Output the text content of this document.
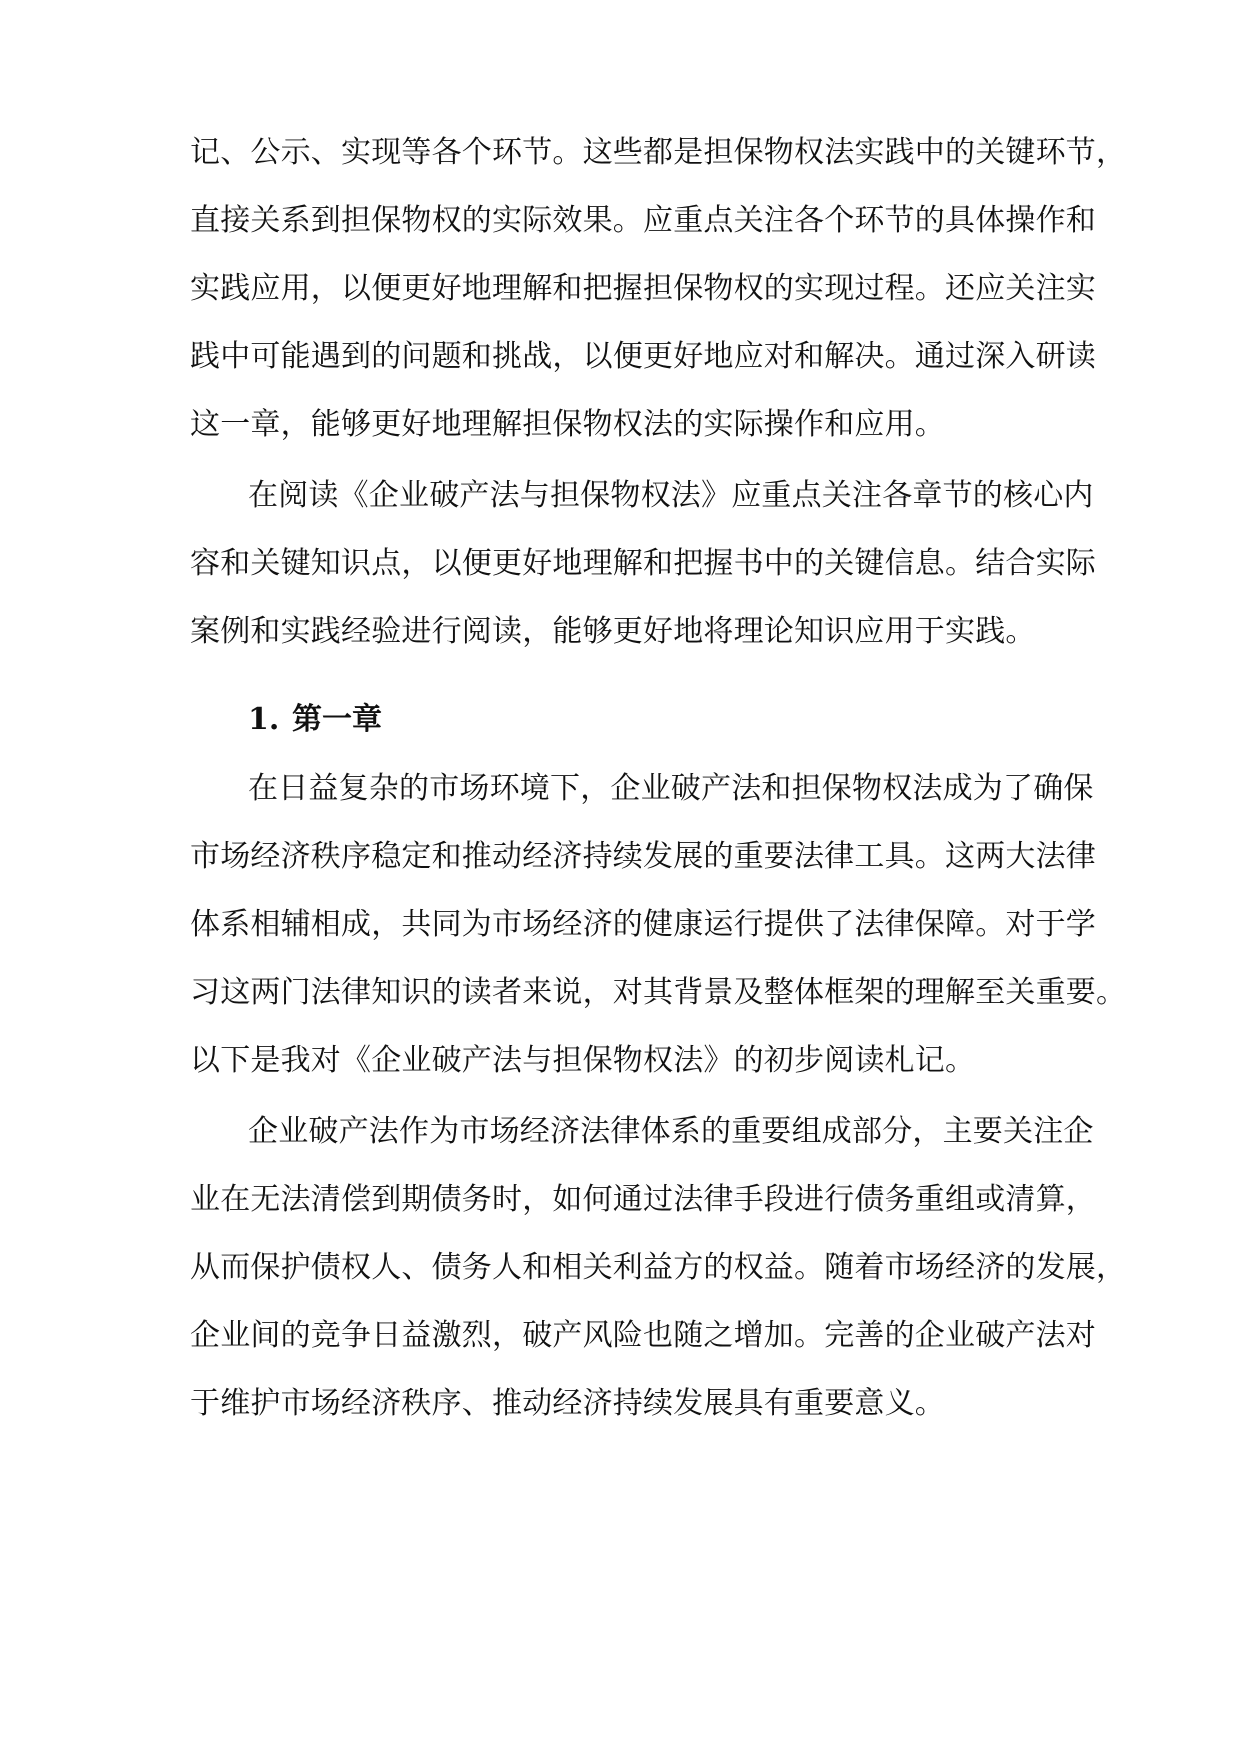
记、公示、实现等各个环节。这些都是担保物权法实践中的关键环节，
直接关系到担保物权的实际效果。应重点关注各个环节的具体操作和
实践应用，以便更好地理解和把握担保物权的实现过程。还应关注实
践中可能遇到的问题和挑战，以便更好地应对和解决。通过深入研读
这一章，能够更好地理解担保物权法的实际操作和应用。
在阅读《企业破产法与担保物权法》应重点关注各章节的核心内
容和关键知识点，以便更好地理解和把握书中的关键信息。结合实际
案例和实践经验进行阅读，能够更好地将理论知识应用于实践。
1. 第一章
在日益复杂的市场环境下，企业破产法和担保物权法成为了确保
市场经济秩序稳定和推动经济持续发展的重要法律工具。这两大法律
体系相辅相成，共同为市场经济的健康运行提供了法律保障。对于学
习这两门法律知识的读者来说，对其背景及整体框架的理解至关重要。
以下是我对《企业破产法与担保物权法》的初步阅读札记。
企业破产法作为市场经济法律体系的重要组成部分，主要关注企
业在无法清偿到期债务时，如何通过法律手段进行债务重组或清算，
从而保护债权人、债务人和相关利益方的权益。随着市场经济的发展，
企业间的竞争日益激烈，破产风险也随之增加。完善的企业破产法对
于维护市场经济秩序、推动经济持续发展具有重要意义。
